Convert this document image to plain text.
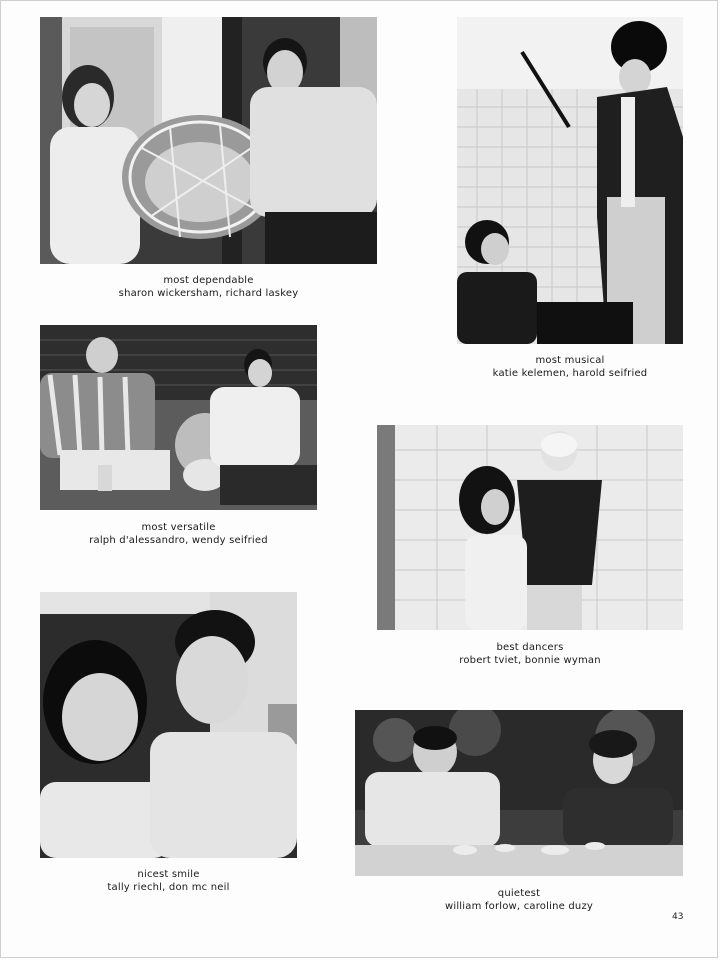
most dependable
sharon wickersham, richard laskey
most musical
katie kelemen, harold seifried
most versatile
ralph d'alessandro, wendy seifried
best dancers
robert tviet, bonnie wyman
nicest smile
tally riechl, don mc neil
quietest
william forlow, caroline duzy
43
